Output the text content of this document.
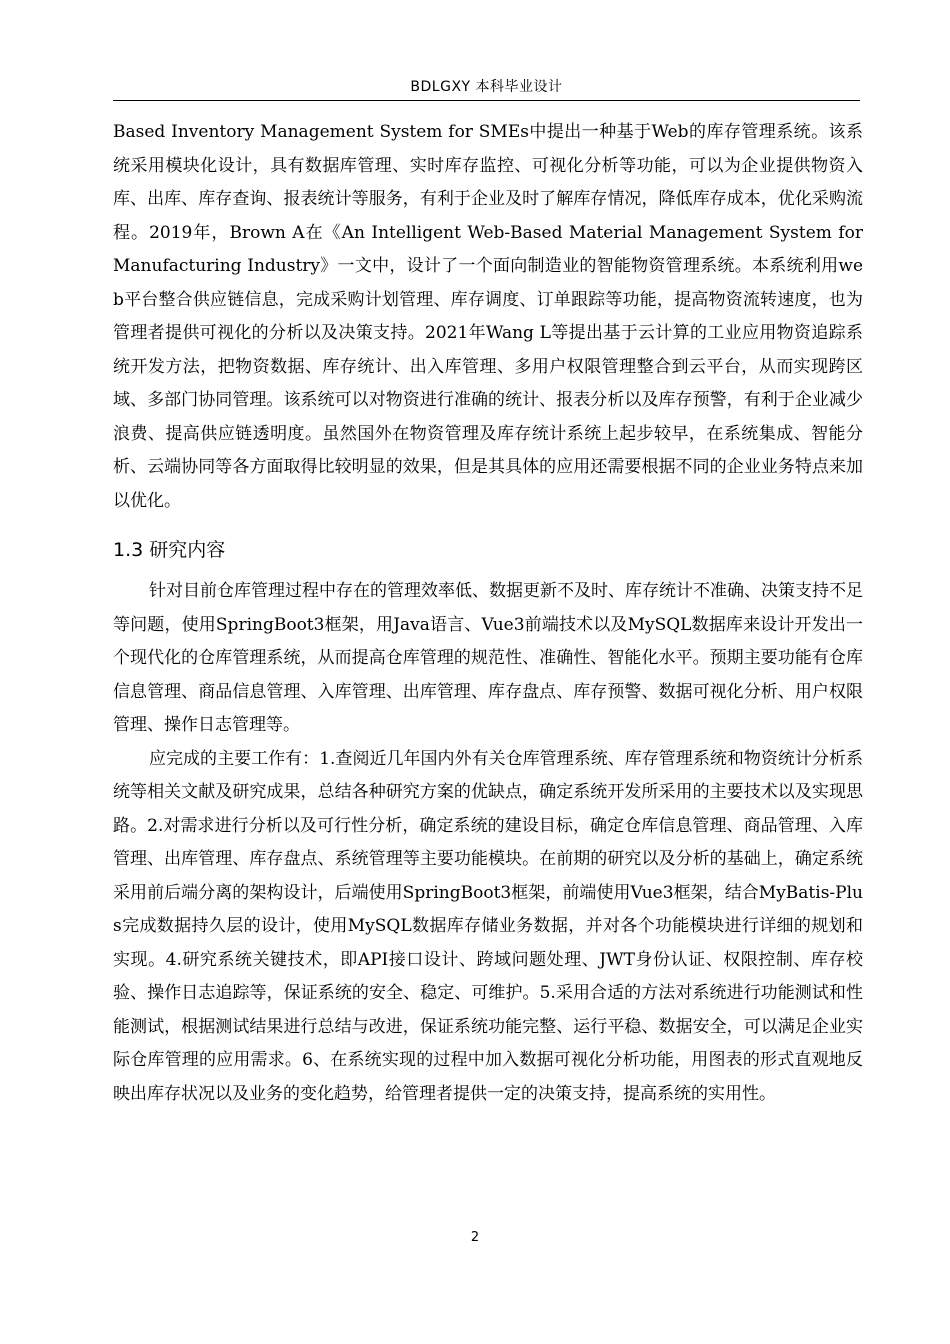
BDLGXY 本科毕业设计

Based Inventory Management System for SMEs中提出一种基于Web的库存管理系统。该系统采用模块化设计，具有数据库管理、实时库存监控、可视化分析等功能，可以为企业提供物资入库、出库、库存查询、报表统计等服务，有利于企业及时了解库存情况，降低库存成本，优化采购流程。2019年，Brown A在《An Intelligent Web-Based Material Management System for Manufacturing Industry》一文中，设计了一个面向制造业的智能物资管理系统。本系统利用web平台整合供应链信息，完成采购计划管理、库存调度、订单跟踪等功能，提高物资流转速度，也为管理者提供可视化的分析以及决策支持。2021年Wang L等提出基于云计算的工业应用物资追踪系统开发方法，把物资数据、库存统计、出入库管理、多用户权限管理整合到云平台，从而实现跨区域、多部门协同管理。该系统可以对物资进行准确的统计、报表分析以及库存预警，有利于企业减少浪费、提高供应链透明度。虽然国外在物资管理及库存统计系统上起步较早，在系统集成、智能分析、云端协同等各方面取得比较明显的效果，但是其具体的应用还需要根据不同的企业业务特点来加以优化。

1.3 研究内容

针对目前仓库管理过程中存在的管理效率低、数据更新不及时、库存统计不准确、决策支持不足等问题，使用SpringBoot3框架，用Java语言、Vue3前端技术以及MySQL数据库来设计开发出一个现代化的仓库管理系统，从而提高仓库管理的规范性、准确性、智能化水平。预期主要功能有仓库信息管理、商品信息管理、入库管理、出库管理、库存盘点、库存预警、数据可视化分析、用户权限管理、操作日志管理等。

应完成的主要工作有：1.查阅近几年国内外有关仓库管理系统、库存管理系统和物资统计分析系统等相关文献及研究成果，总结各种研究方案的优缺点，确定系统开发所采用的主要技术以及实现思路。2.对需求进行分析以及可行性分析，确定系统的建设目标，确定仓库信息管理、商品管理、入库管理、出库管理、库存盘点、系统管理等主要功能模块。在前期的研究以及分析的基础上，确定系统采用前后端分离的架构设计，后端使用SpringBoot3框架，前端使用Vue3框架，结合MyBatis-Plus完成数据持久层的设计，使用MySQL数据库存储业务数据，并对各个功能模块进行详细的规划和实现。4.研究系统关键技术，即API接口设计、跨域问题处理、JWT身份认证、权限控制、库存校验、操作日志追踪等，保证系统的安全、稳定、可维护。5.采用合适的方法对系统进行功能测试和性能测试，根据测试结果进行总结与改进，保证系统功能完整、运行平稳、数据安全，可以满足企业实际仓库管理的应用需求。6、在系统实现的过程中加入数据可视化分析功能，用图表的形式直观地反映出库存状况以及业务的变化趋势，给管理者提供一定的决策支持，提高系统的实用性。

2
